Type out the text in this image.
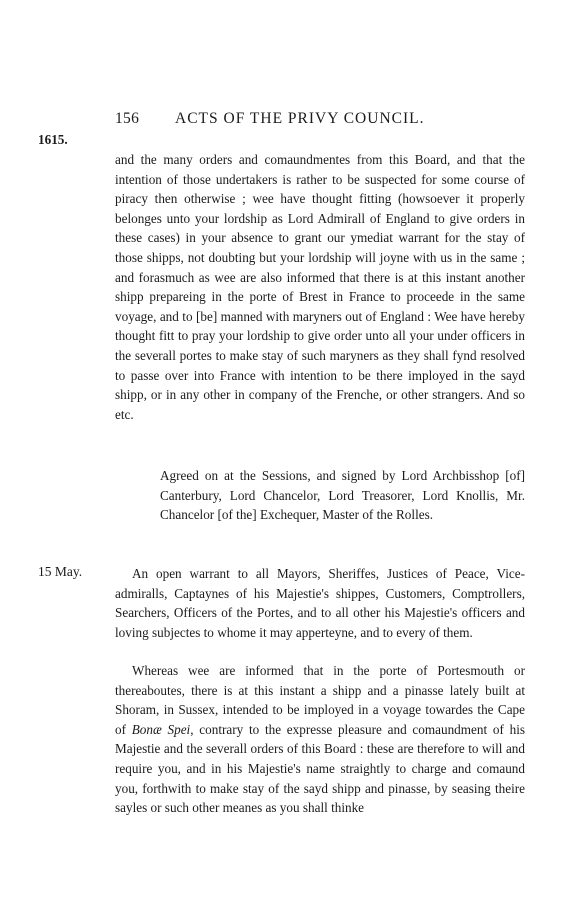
156 ACTS OF THE PRIVY COUNCIL.
1615.
and the many orders and comaundmentes from this Board, and that the intention of those undertakers is rather to be suspected for some course of piracy then otherwise ; wee have thought fitting (howsoever it properly belonges unto your lordship as Lord Admirall of England to give orders in these cases) in your absence to grant our ymediat warrant for the stay of those shipps, not doubting but your lordship will joyne with us in the same ; and forasmuch as wee are also informed that there is at this instant another shipp prepareing in the porte of Brest in France to proceede in the same voyage, and to [be] manned with maryners out of England : Wee have hereby thought fitt to pray your lordship to give order unto all your under officers in the severall portes to make stay of such maryners as they shall fynd resolved to passe over into France with intention to be there imployed in the sayd shipp, or in any other in company of the Frenche, or other strangers. And so etc.
Agreed on at the Sessions, and signed by Lord Archbisshop [of] Canterbury, Lord Chancelor, Lord Treasorer, Lord Knollis, Mr. Chancelor [of the] Exchequer, Master of the Rolles.
15 May.	An open warrant to all Mayors, Sheriffes, Justices of Peace, Vice-admiralls, Captaynes of his Majestie's shippes, Customers, Comptrollers, Searchers, Officers of the Portes, and to all other his Majestie's officers and loving subjectes to whome it may apperteyne, and to every of them.
Whereas wee are informed that in the porte of Portesmouth or thereaboutes, there is at this instant a shipp and a pinasse lately built at Shoram, in Sussex, intended to be imployed in a voyage towardes the Cape of Bonæ Spei, contrary to the expresse pleasure and comaundment of his Majestie and the severall orders of this Board : these are therefore to will and require you, and in his Majestie's name straightly to charge and comaund you, forthwith to make stay of the sayd shipp and pinasse, by seasing theire sayles or such other meanes as you shall thinke
